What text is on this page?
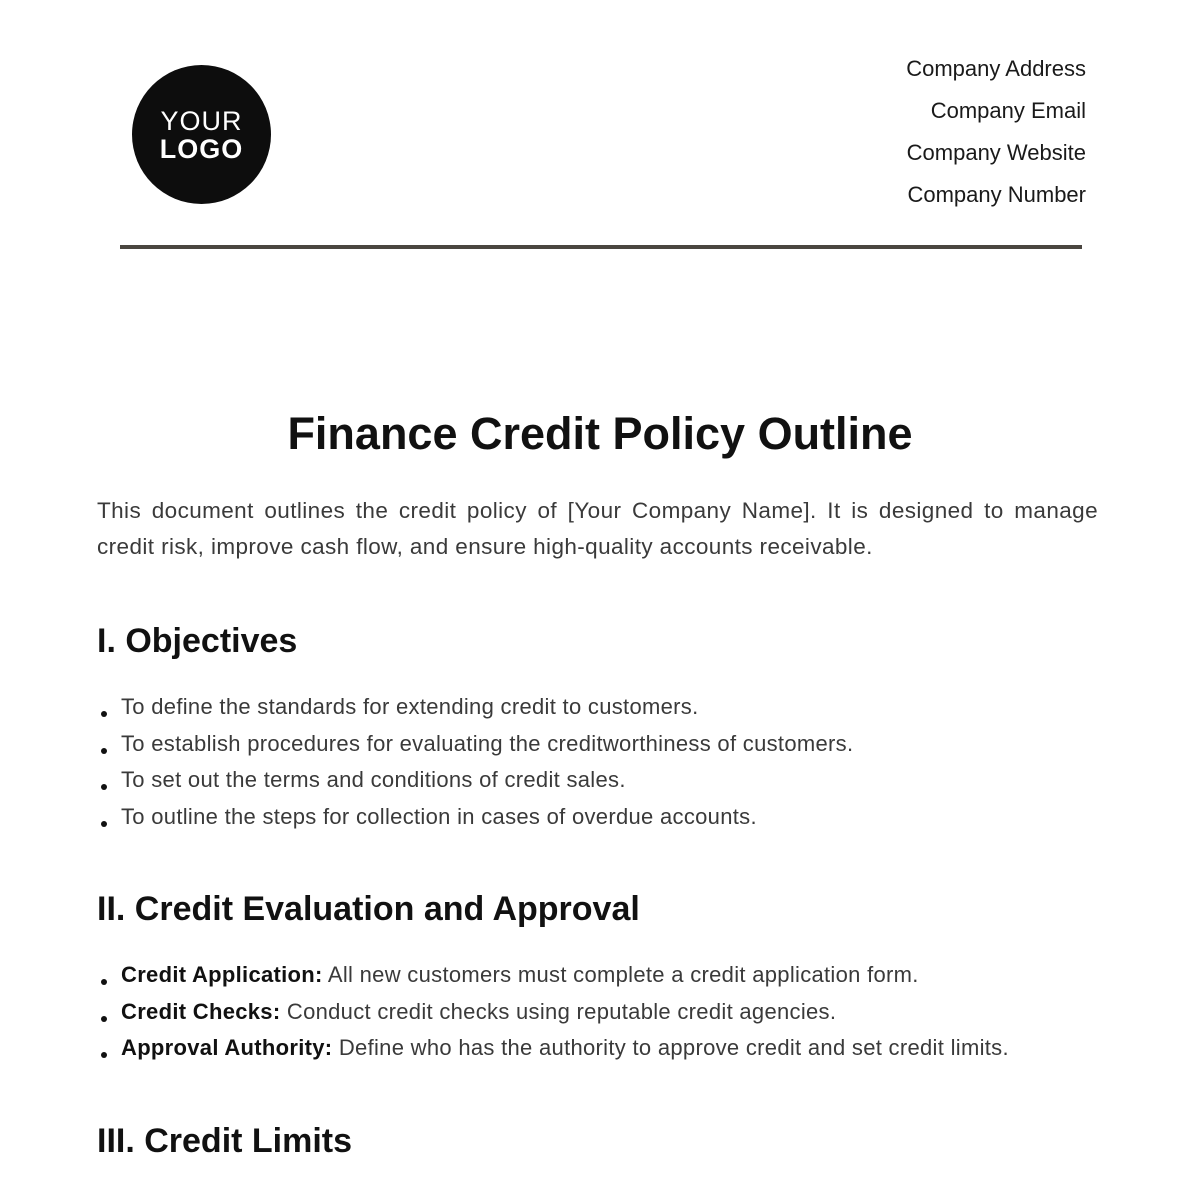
YOUR
LOGO
Company Address
Company Email
Company Website
Company Number
Finance Credit Policy Outline

This document outlines the credit policy of [Your Company Name]. It is designed to manage credit risk, improve cash flow, and ensure high-quality accounts receivable.

I. Objectives
To define the standards for extending credit to customers.
To establish procedures for evaluating the creditworthiness of customers.
To set out the terms and conditions of credit sales.
To outline the steps for collection in cases of overdue accounts.
II. Credit Evaluation and Approval
Credit Application: All new customers must complete a credit application form.
Credit Checks: Conduct credit checks using reputable credit agencies.
Approval Authority: Define who has the authority to approve credit and set credit limits.
III. Credit Limits
